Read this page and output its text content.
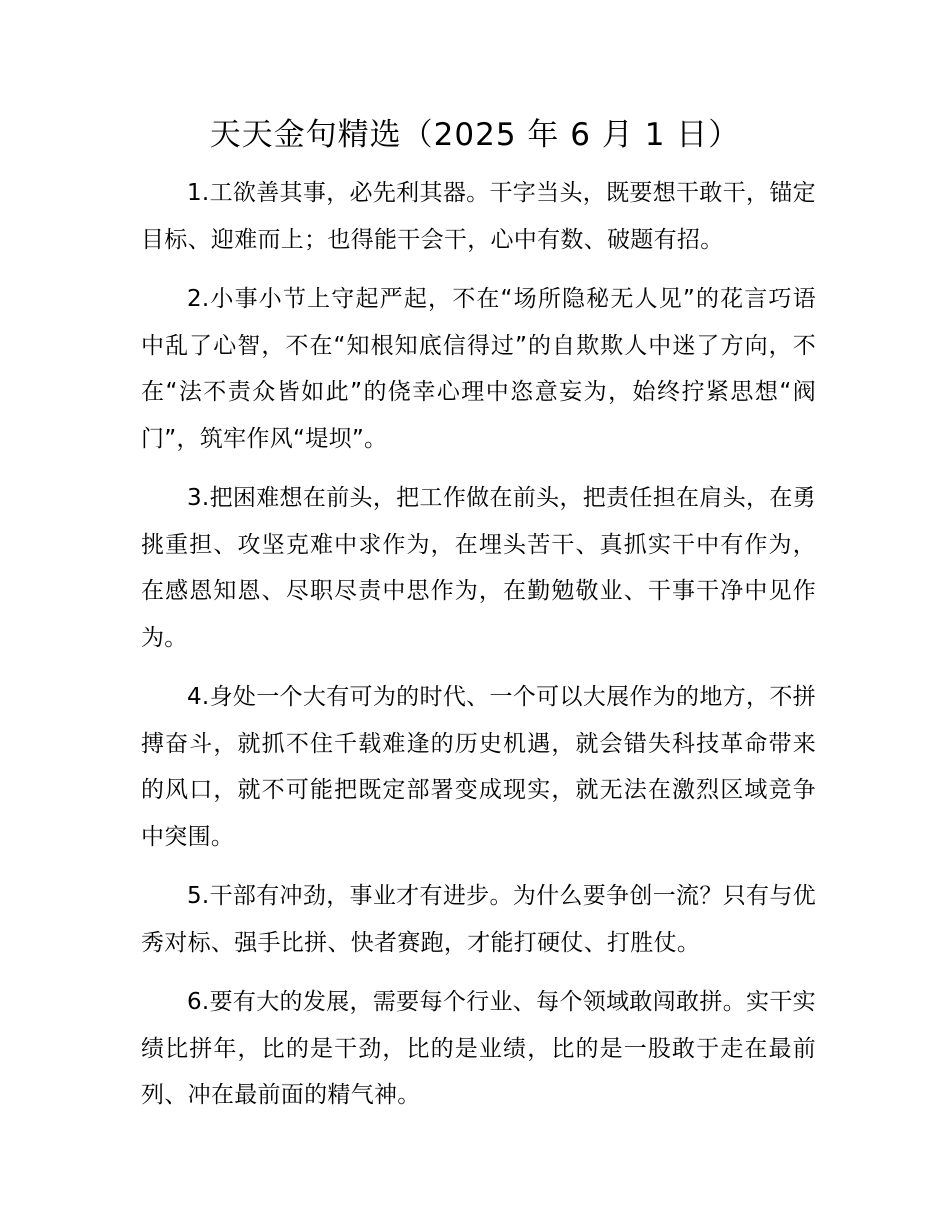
天天金句精选（2025 年 6 月 1 日）

1.工欲善其事，必先利其器。干字当头，既要想干敢干，锚定目标、迎难而上；也得能干会干，心中有数、破题有招。

2.小事小节上守起严起，不在“场所隐秘无人见”的花言巧语中乱了心智，不在“知根知底信得过”的自欺欺人中迷了方向，不在“法不责众皆如此”的侥幸心理中恣意妄为，始终拧紧思想“阀门”，筑牢作风“堤坝”。

3.把困难想在前头，把工作做在前头，把责任担在肩头，在勇挑重担、攻坚克难中求作为，在埋头苦干、真抓实干中有作为，在感恩知恩、尽职尽责中思作为，在勤勉敬业、干事干净中见作为。

4.身处一个大有可为的时代、一个可以大展作为的地方，不拼搏奋斗，就抓不住千载难逢的历史机遇，就会错失科技革命带来的风口，就不可能把既定部署变成现实，就无法在激烈区域竞争中突围。

5.干部有冲劲，事业才有进步。为什么要争创一流？只有与优秀对标、强手比拼、快者赛跑，才能打硬仗、打胜仗。

6.要有大的发展，需要每个行业、每个领域敢闯敢拼。实干实绩比拼年，比的是干劲，比的是业绩，比的是一股敢于走在最前列、冲在最前面的精气神。
